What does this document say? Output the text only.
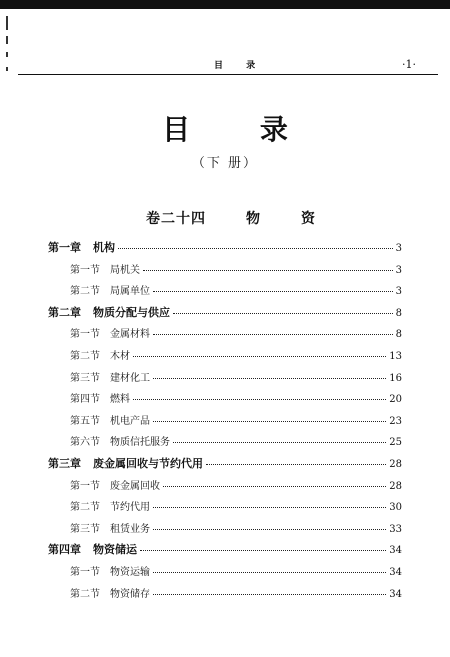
目 录	·1·
目 录
（下 册）
卷二十四	物	资
第一章 机构	3
第一节 局机关	3
第二节 局属单位	3
第二章 物质分配与供应	8
第一节 金属材料	8
第二节 木材	13
第三节 建材化工	16
第四节 燃料	20
第五节 机电产品	23
第六节 物质信托服务	25
第三章 废金属回收与节约代用	28
第一节 废金属回收	28
第二节 节约代用	30
第三节 租赁业务	33
第四章 物资储运	34
第一节 物资运输	34
第二节 物资储存	34
